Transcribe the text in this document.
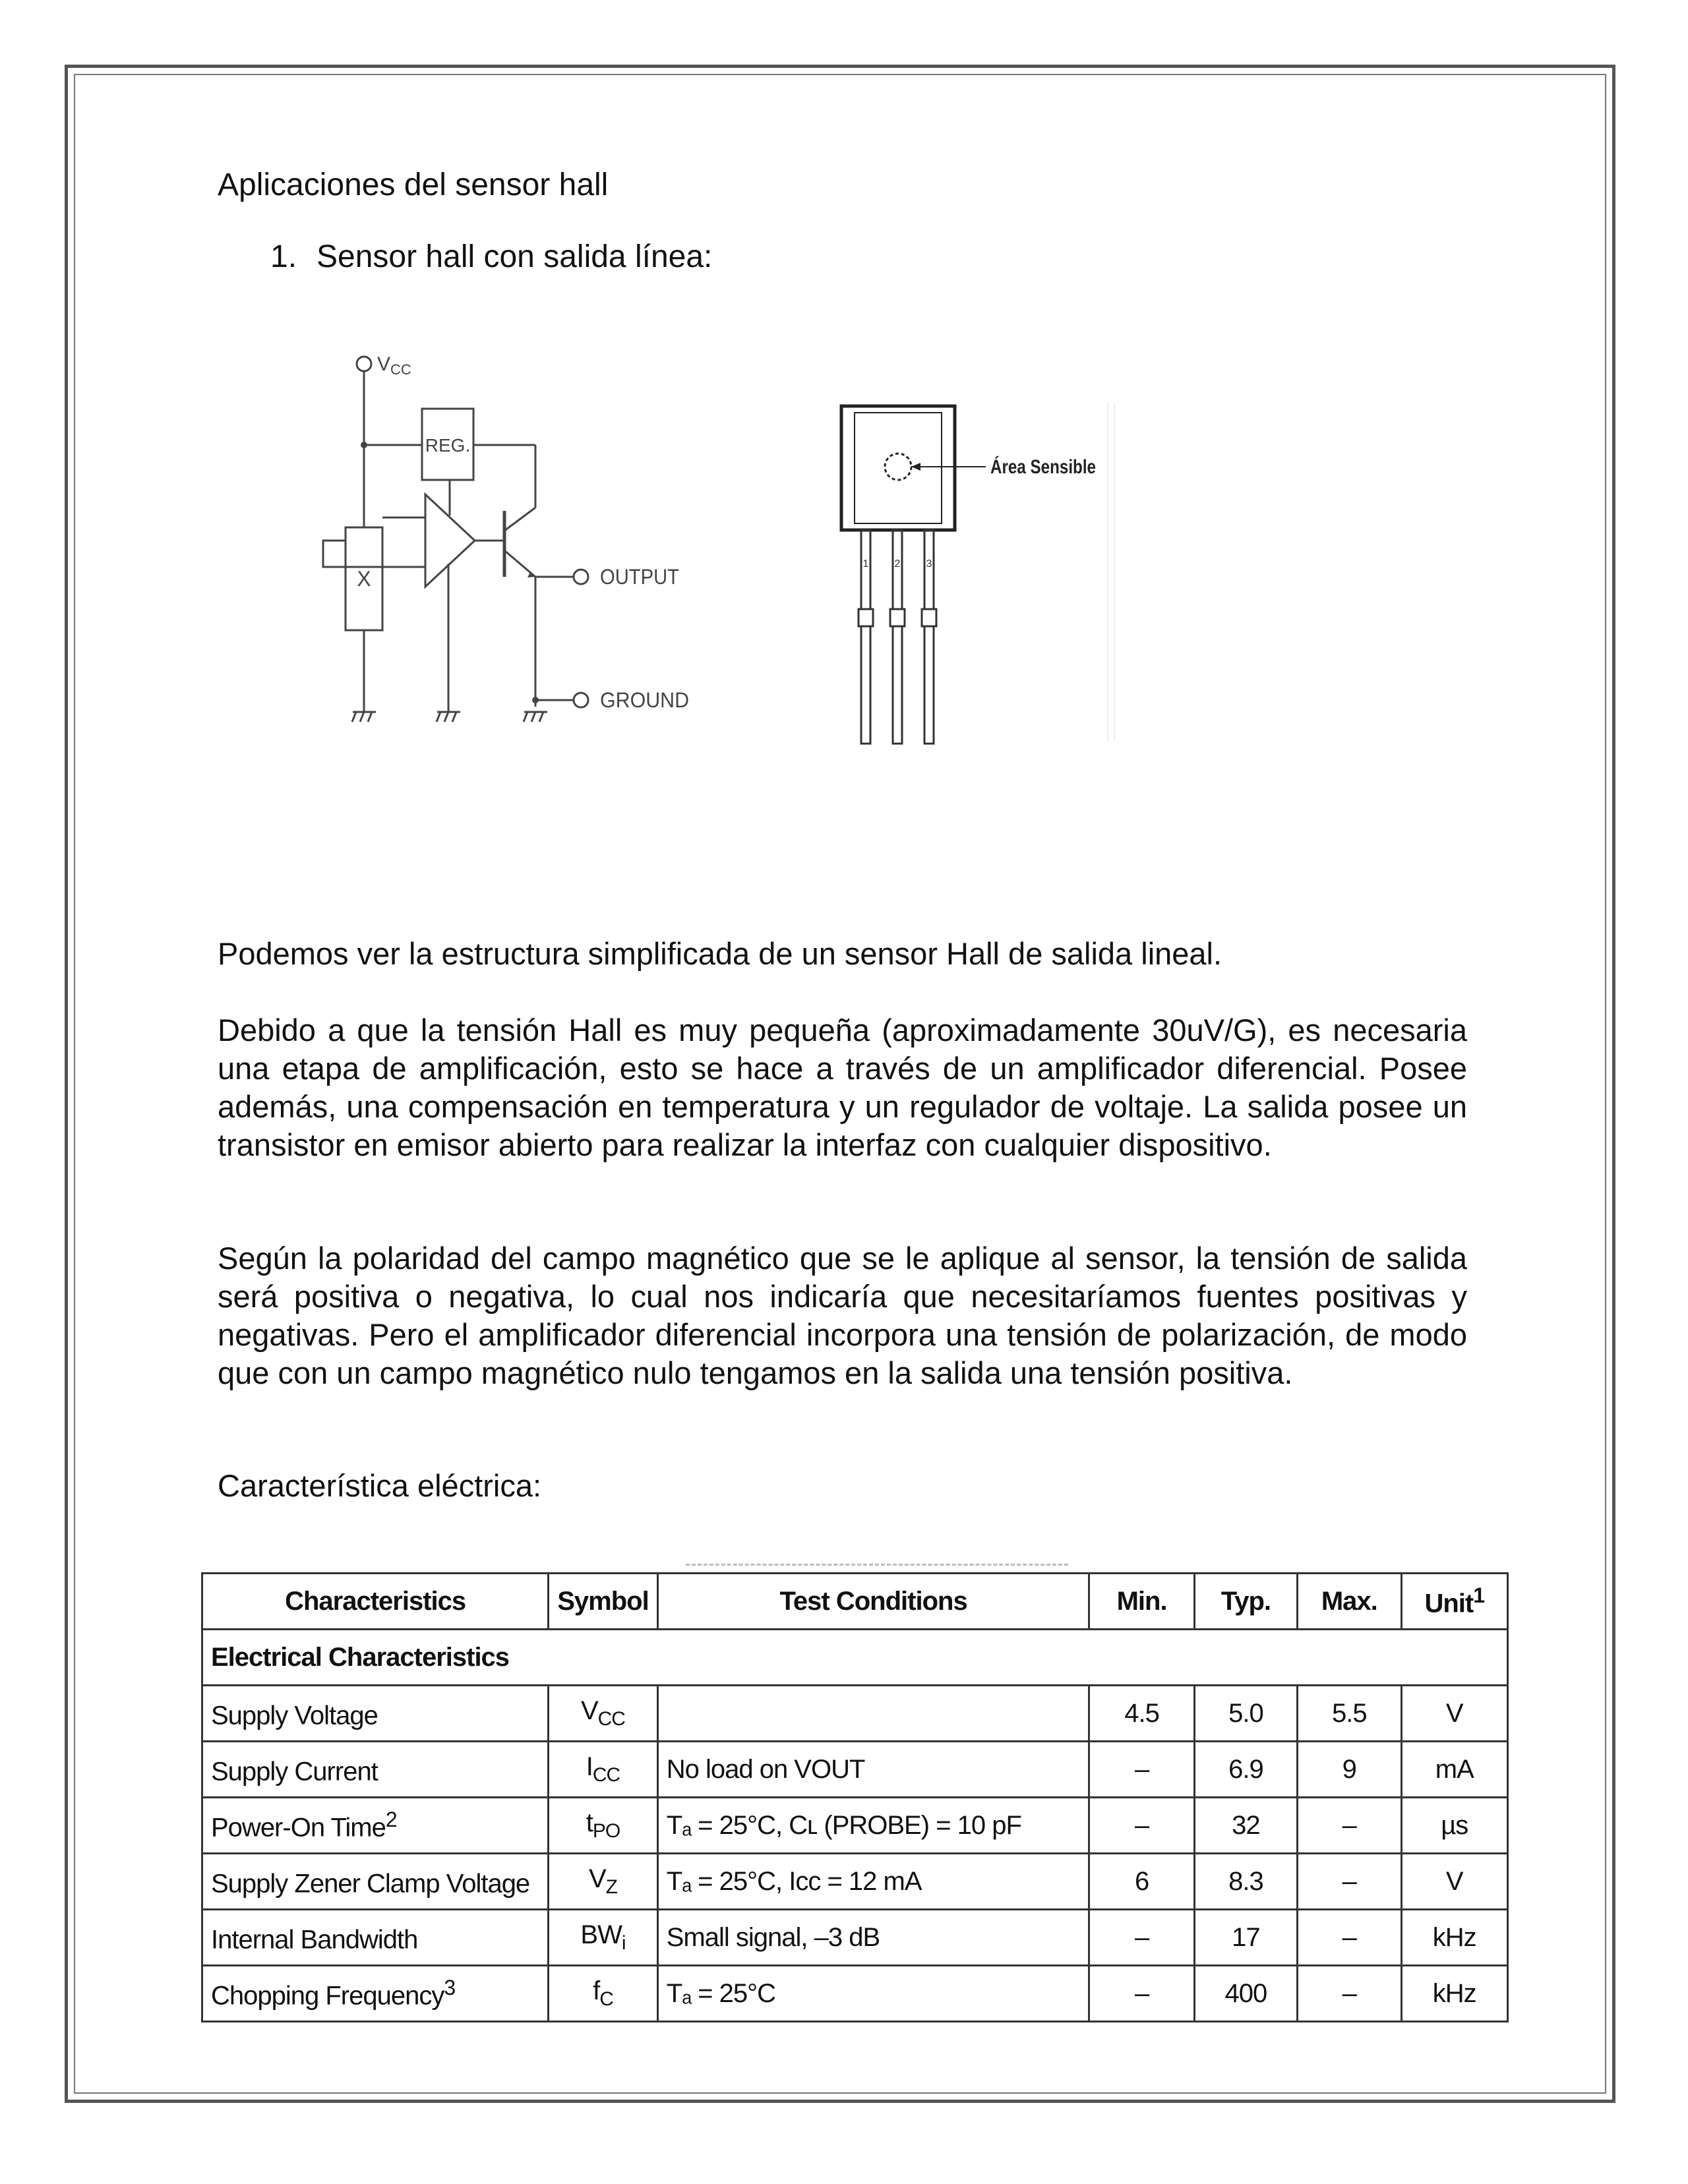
Aplicaciones del sensor hall
1. Sensor hall con salida línea:
$V_{CC}$
REG.
X	OUTPUT
GROUND
Área Sensible
1 2 3
Podemos ver la estructura simplificada de un sensor Hall de salida lineal.
Debido a que la tensión Hall es muy pequeña (aproximadamente 30uV/G), es necesaria una etapa de amplificación, esto se hace a través de un amplificador diferencial. Posee además, una compensación en temperatura y un regulador de voltaje. La salida posee un transistor en emisor abierto para realizar la interfaz con cualquier dispositivo.
Según la polaridad del campo magnético que se le aplique al sensor, la tensión de salida será positiva o negativa, lo cual nos indicaría que necesitaríamos fuentes positivas y negativas. Pero el amplificador diferencial incorpora una tensión de polarización, de modo que con un campo magnético nulo tengamos en la salida una tensión positiva.
Característica eléctrica:
Characteristics	Symbol	Test Conditions	Min.	Typ.	Max.	Unit$^1$
Electrical Characteristics						
Supply Voltage	$V_{CC}$		4.5	5.0	5.5	V
Supply Current	$I_{CC}$	No load on VOUT	–	6.9	9	mA
Power-On Time$^2$	$t_{PO}$	Tₐ = 25°C, Cʟ (PROBE) = 10 pF	–	32	–	µs
Supply Zener Clamp Voltage	$V_Z$	Tₐ = 25°C, Iᴄᴄ = 12 mA	6	8.3	–	V
Internal Bandwidth	$BW_i$	Small signal, –3 dB	–	17	–	kHz
Chopping Frequency$^3$	$f_C$	Tₐ = 25°C	–	400	–	kHz
